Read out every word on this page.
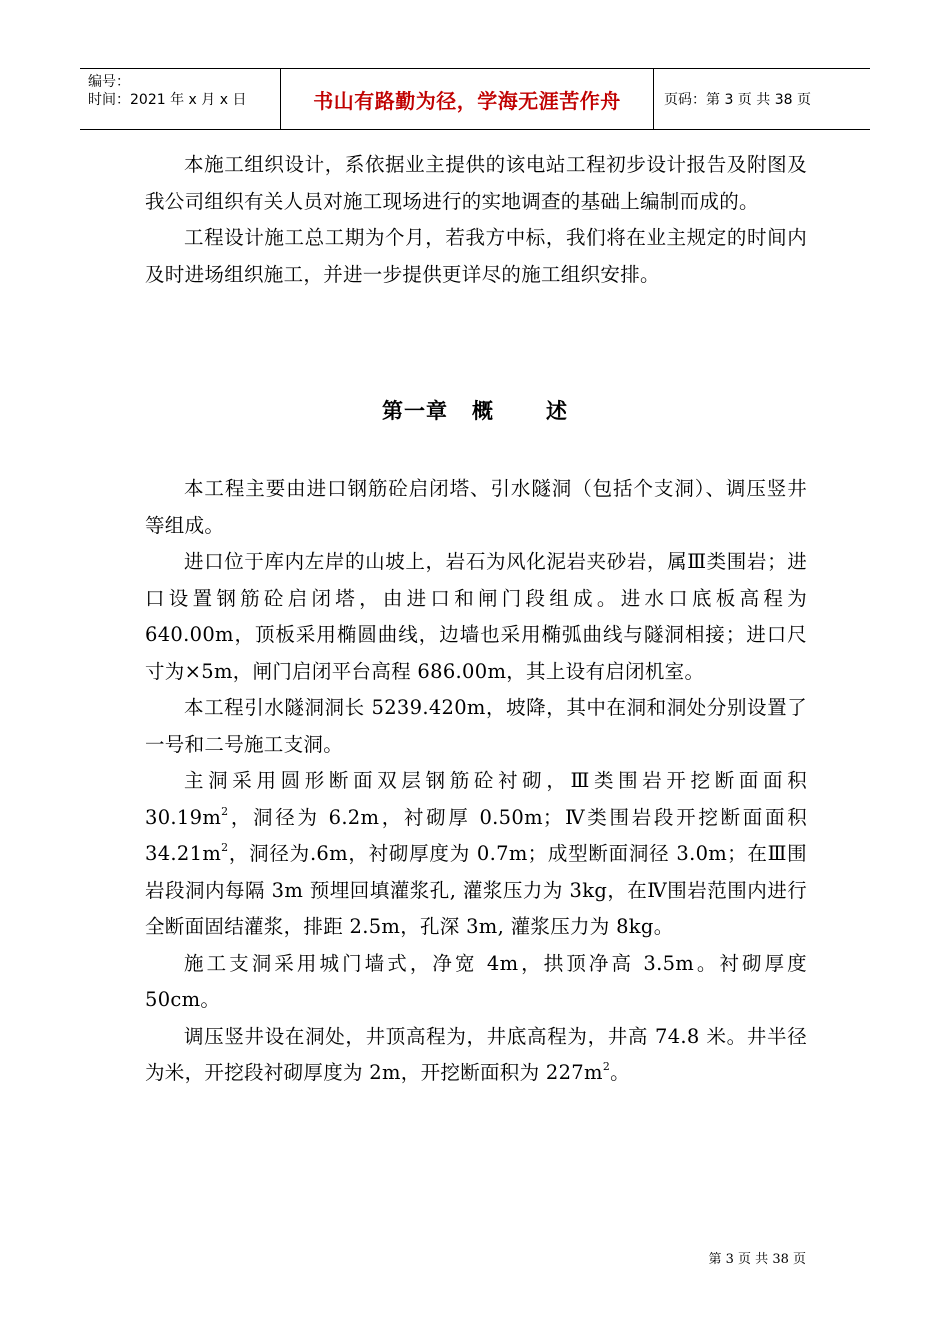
编号：
时间：2021 年 x 月 x 日	书山有路勤为径，学海无涯苦作舟	页码：第 3 页 共 38 页

本施工组织设计，系依据业主提供的该电站工程初步设计报告及附图及我公司组织有关人员对施工现场进行的实地调查的基础上编制而成的。

工程设计施工总工期为个月，若我方中标，我们将在业主规定的时间内及时进场组织施工，并进一步提供更详尽的施工组织安排。

第一章 概 述

本工程主要由进口钢筋砼启闭塔、引水隧洞（包括个支洞）、调压竖井等组成。

进口位于库内左岸的山坡上，岩石为风化泥岩夹砂岩，属Ⅲ类围岩；进口设置钢筋砼启闭塔，由进口和闸门段组成。进水口底板高程为 640.00m，顶板采用椭圆曲线，边墙也采用椭弧曲线与隧洞相接；进口尺寸为×5m，闸门启闭平台高程 686.00m，其上设有启闭机室。

本工程引水隧洞洞长 5239.420m，坡降，其中在洞和洞处分别设置了一号和二号施工支洞。

主洞采用圆形断面双层钢筋砼衬砌，Ⅲ类围岩开挖断面面积 $30.19m^2$，洞径为 6.2m，衬砌厚 0.50m；Ⅳ类围岩段开挖断面面积 $34.21m^2$，洞径为.6m，衬砌厚度为 0.7m；成型断面洞径 3.0m；在Ⅲ围岩段洞内每隔 3m 预埋回填灌浆孔, 灌浆压力为 3kg，在Ⅳ围岩范围内进行全断面固结灌浆，排距 2.5m，孔深 3m, 灌浆压力为 8kg。

施工支洞采用城门墙式，净宽 4m，拱顶净高 3.5m。衬砌厚度 50cm。

调压竖井设在洞处，井顶高程为，井底高程为，井高 74.8 米。井半径为米，开挖段衬砌厚度为 2m，开挖断面积为 $227m^2$。

第 3 页 共 38 页
